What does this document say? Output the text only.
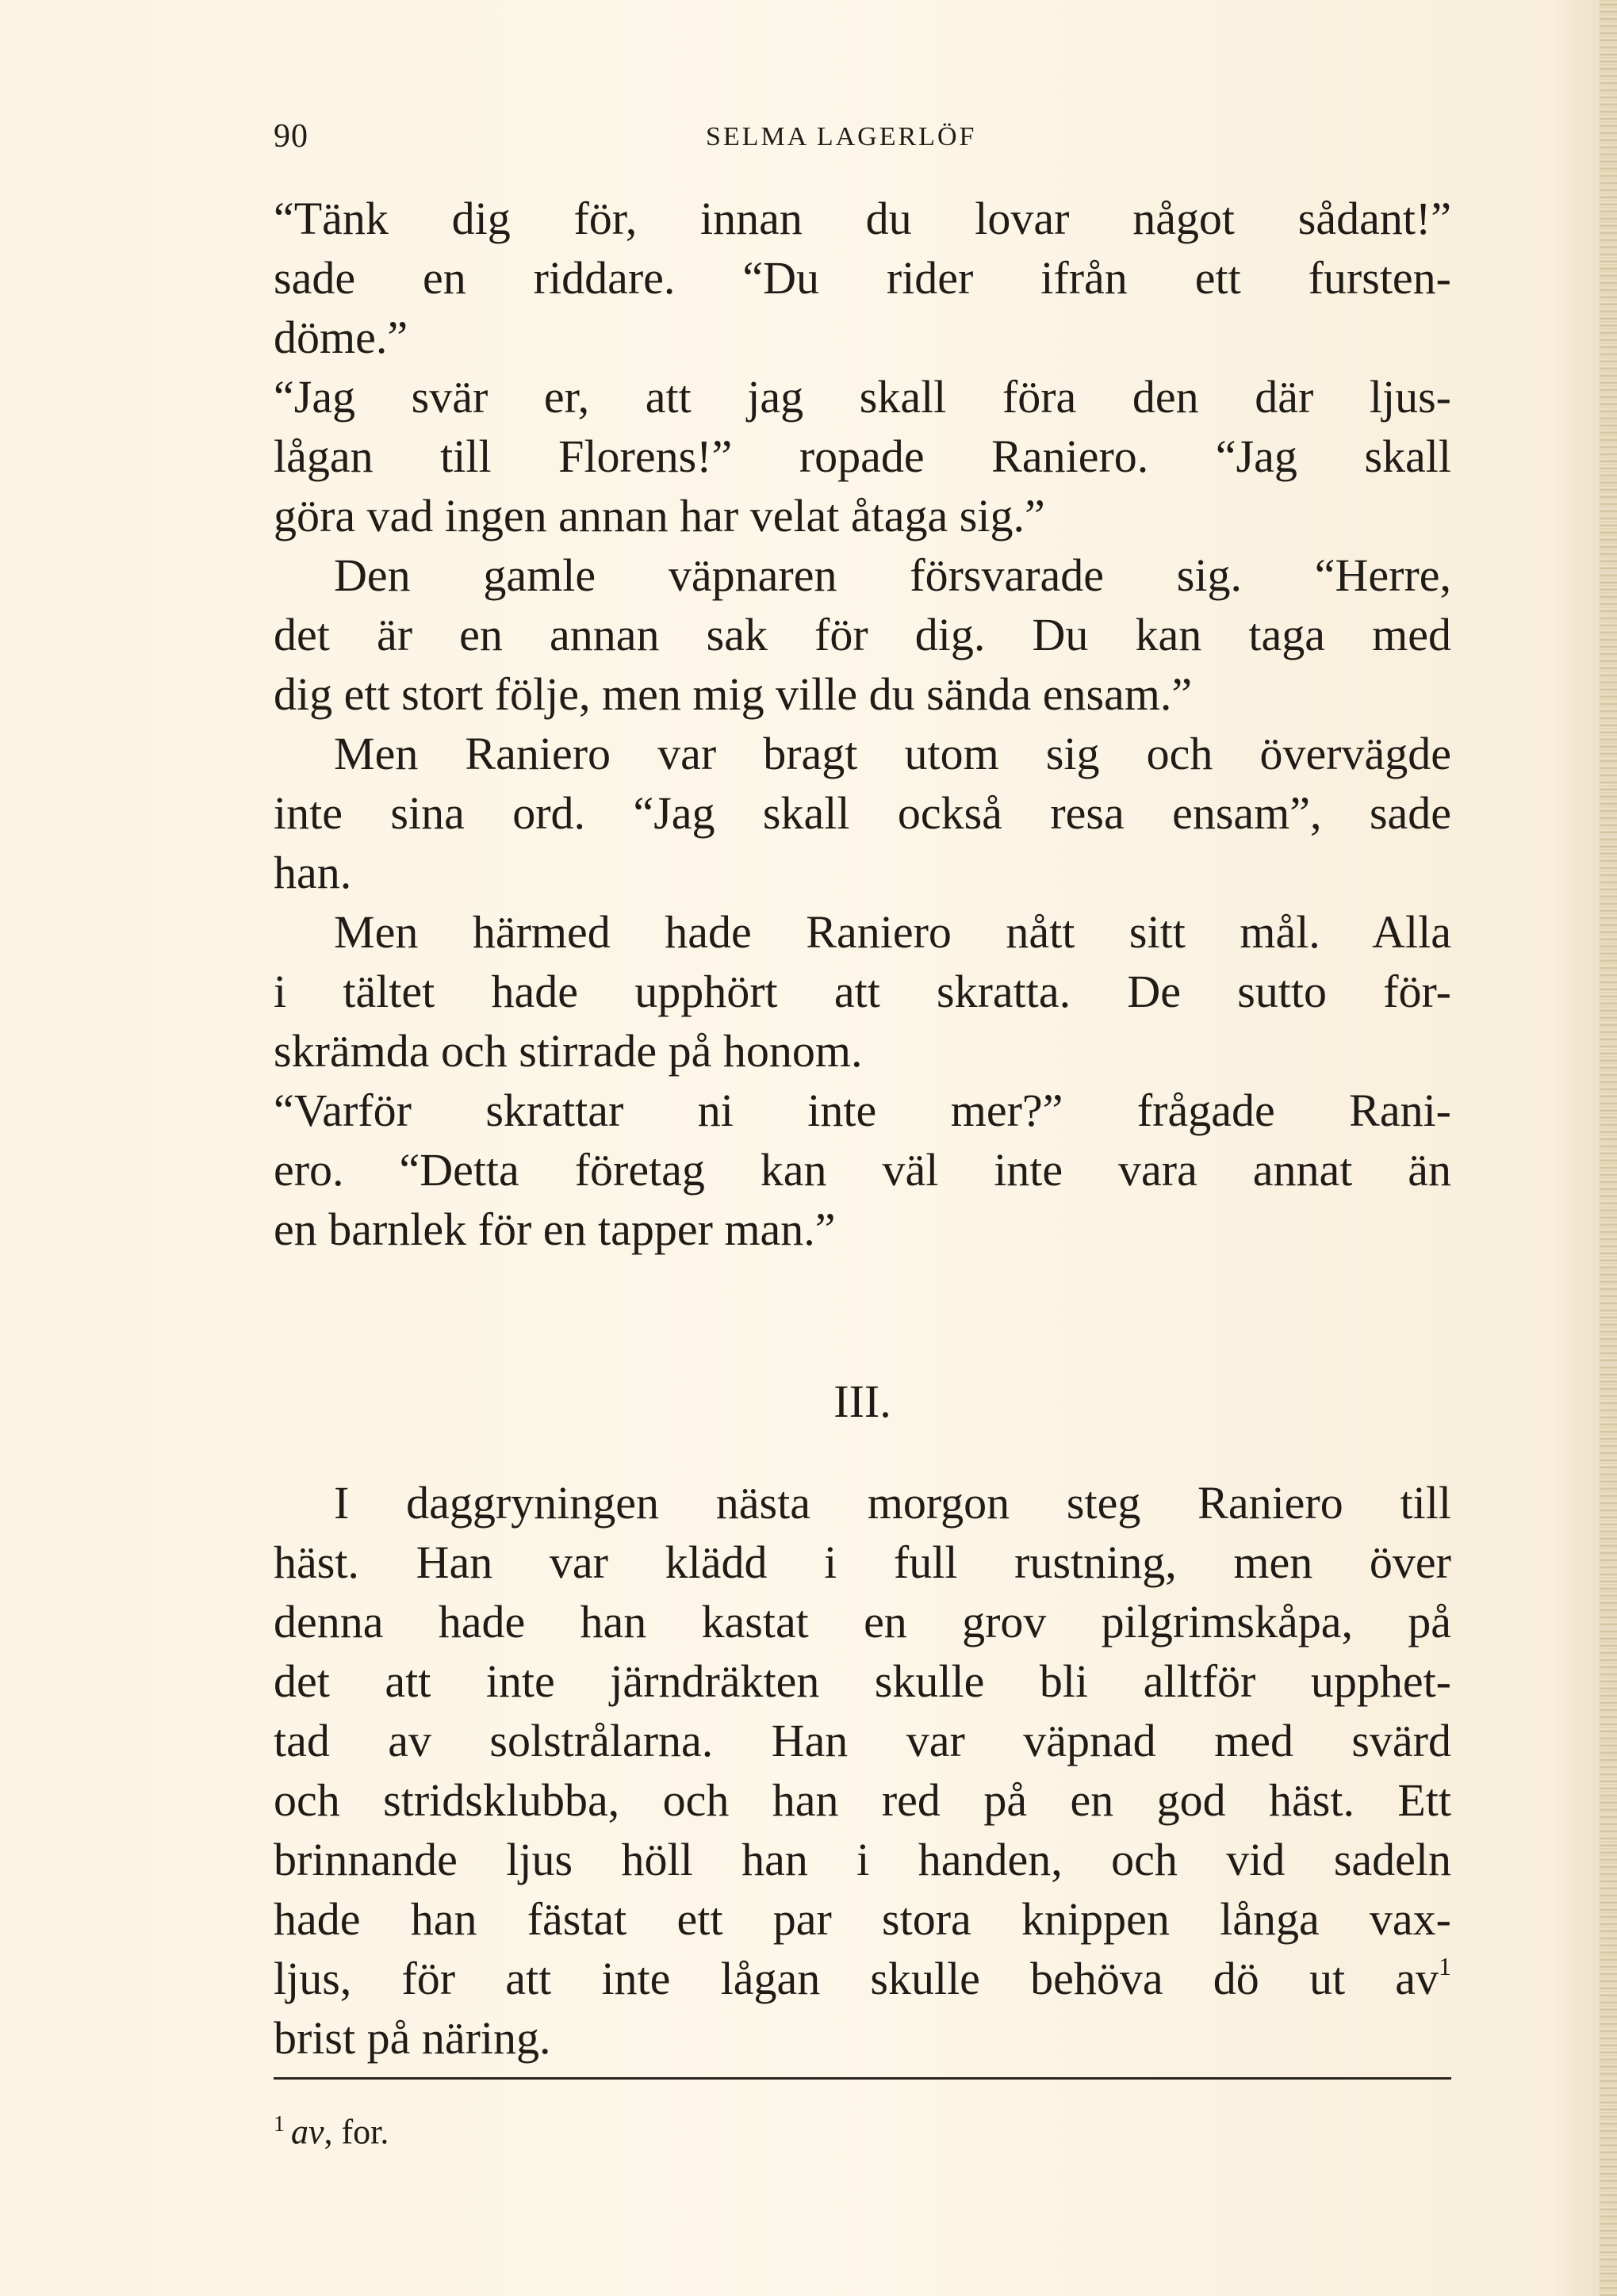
90	SELMA LAGERLÖF
“Tänk dig för, innan du lovar något sådant!”
sade en riddare. “Du rider ifrån ett fursten-
döme.”
“Jag svär er, att jag skall föra den där ljus-
lågan till Florens!” ropade Raniero. “Jag skall
göra vad ingen annan har velat åtaga sig.”
Den gamle väpnaren försvarade sig. “Herre,
det är en annan sak för dig. Du kan taga med
dig ett stort följe, men mig ville du sända ensam.”
Men Raniero var bragt utom sig och övervägde
inte sina ord. “Jag skall också resa ensam”, sade
han.
Men härmed hade Raniero nått sitt mål. Alla
i tältet hade upphört att skratta. De sutto för-
skrämda och stirrade på honom.
“Varför skrattar ni inte mer?” frågade Rani-
ero. “Detta företag kan väl inte vara annat än
en barnlek för en tapper man.”
III.
I daggryningen nästa morgon steg Raniero till
häst. Han var klädd i full rustning, men över
denna hade han kastat en grov pilgrimskåpa, på
det att inte järndräkten skulle bli alltför upphet-
tad av solstrålarna. Han var väpnad med svärd
och stridsklubba, och han red på en god häst. Ett
brinnande ljus höll han i handen, och vid sadeln
hade han fästat ett par stora knippen långa vax-
ljus, för att inte lågan skulle behöva dö ut av$^1$
brist på näring.
$^1$ av, for.
